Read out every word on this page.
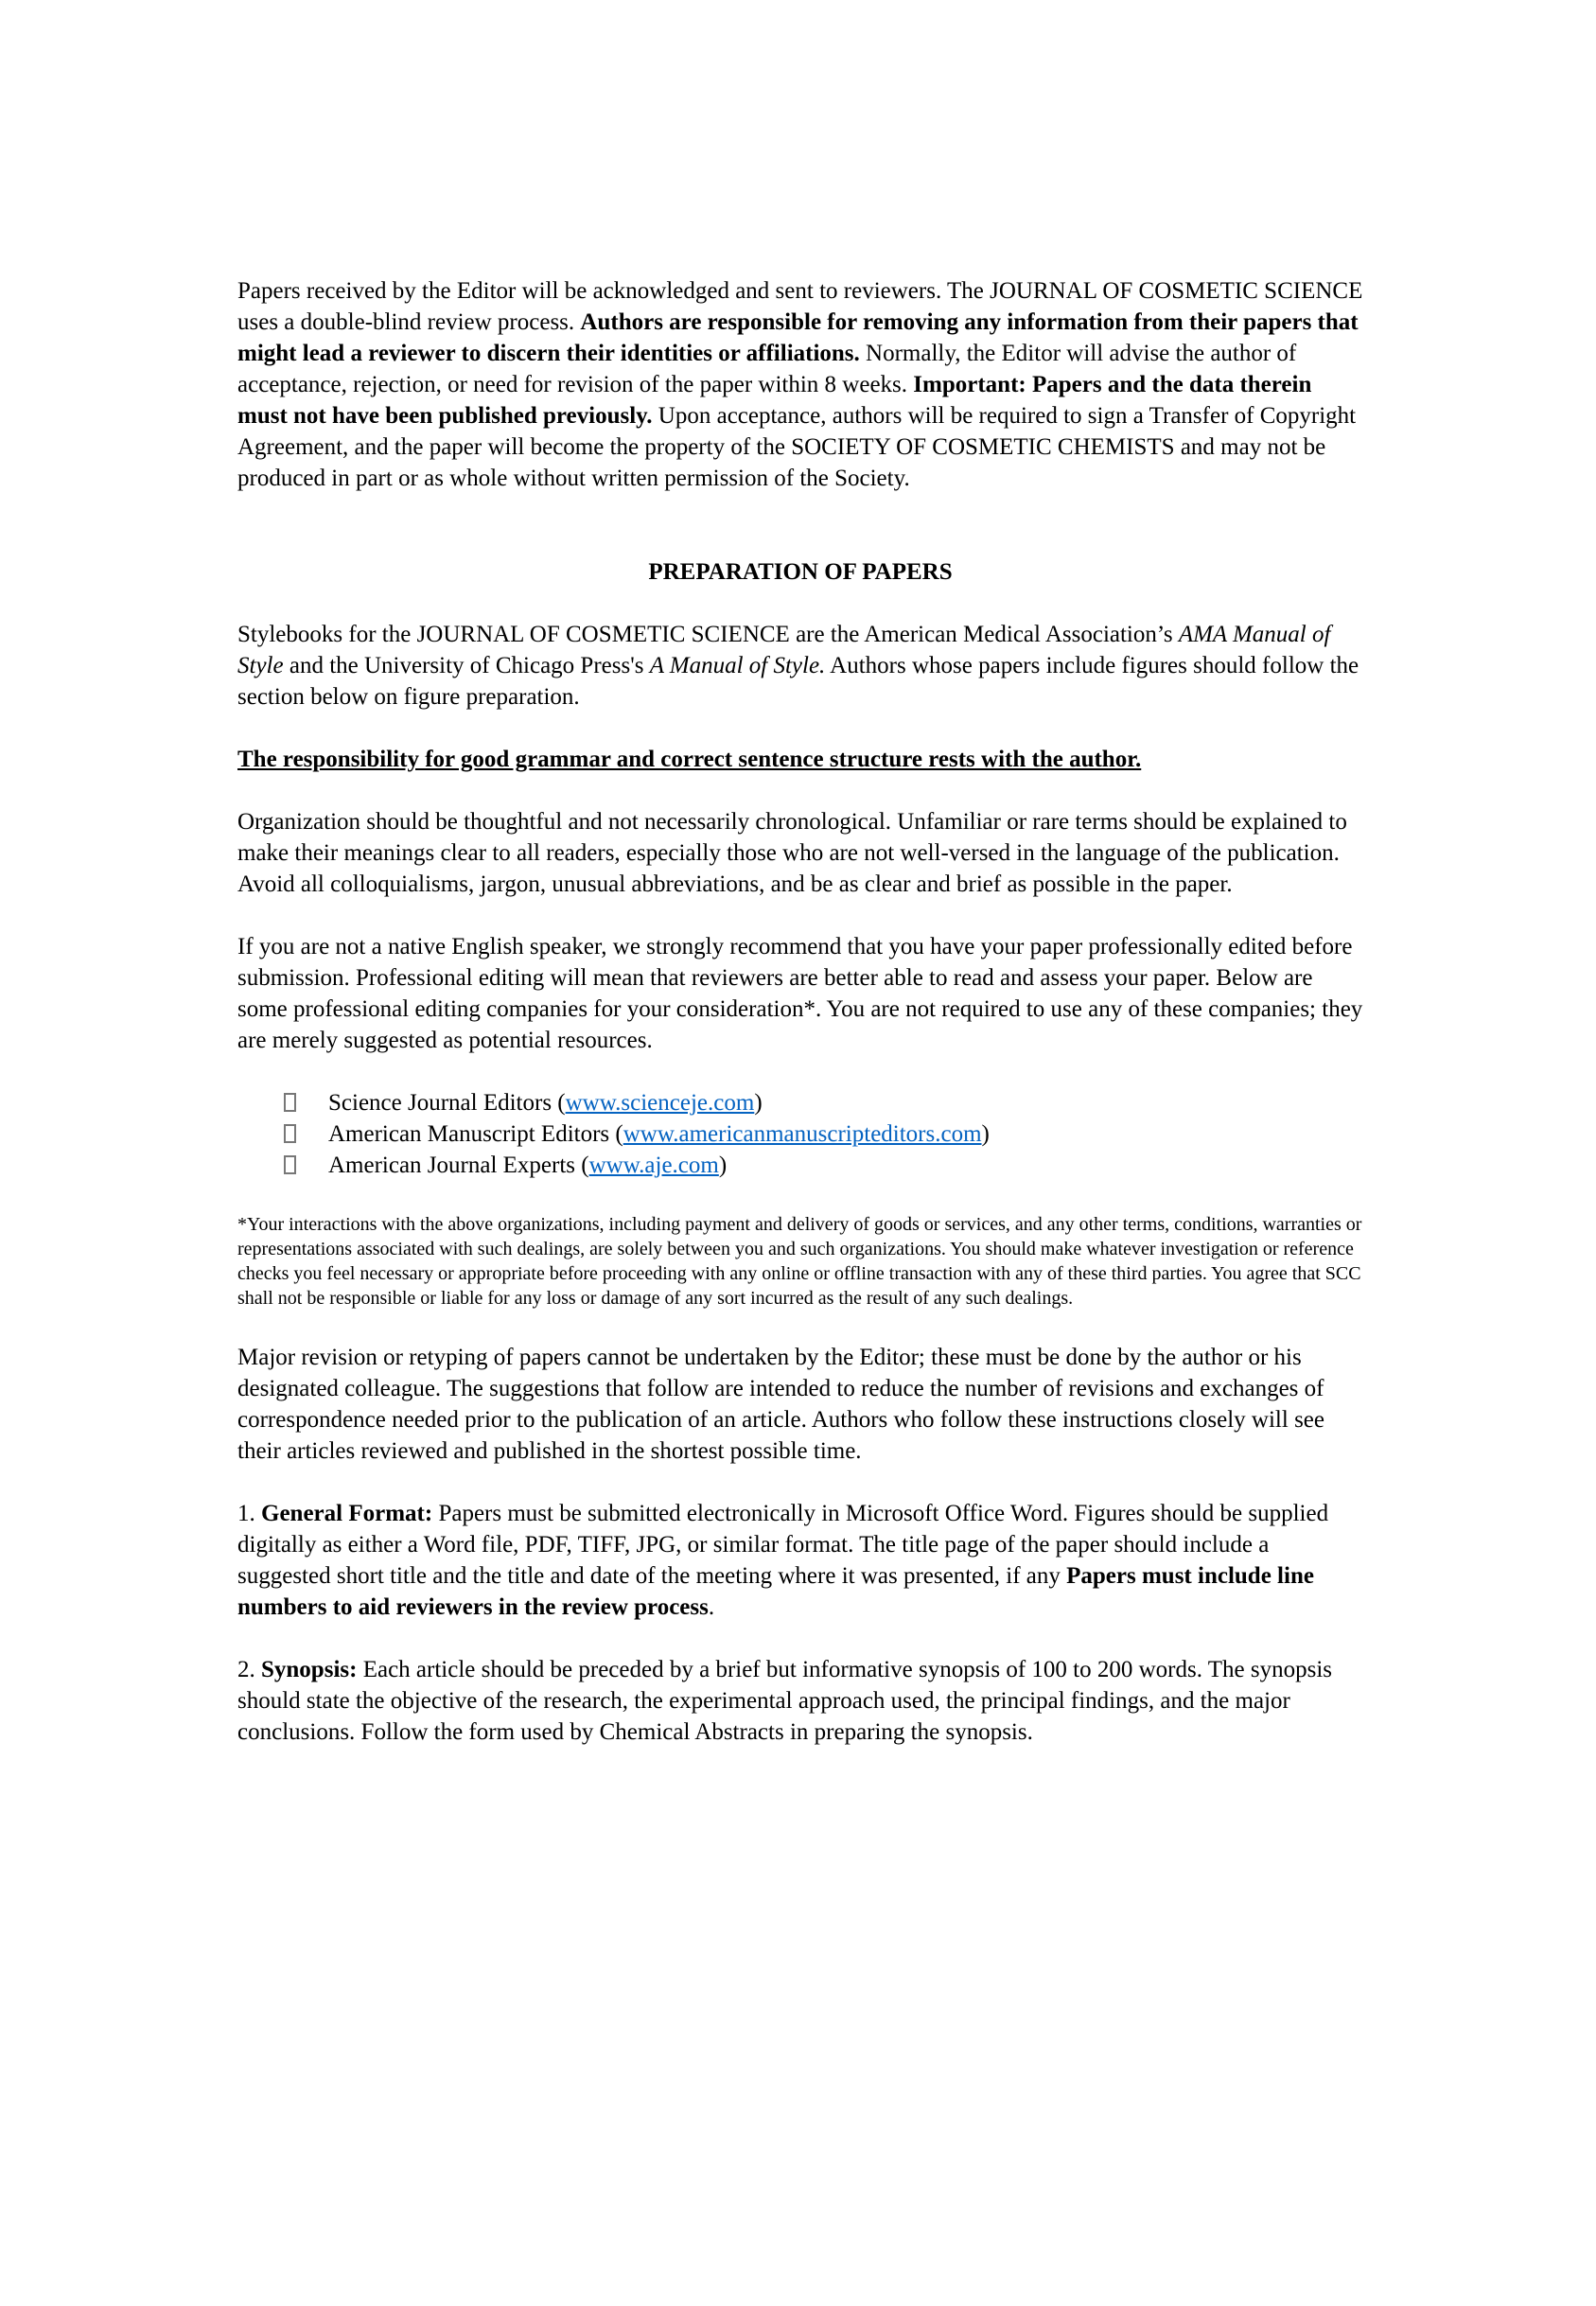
Papers received by the Editor will be acknowledged and sent to reviewers. The JOURNAL OF COSMETIC SCIENCE uses a double-blind review process. Authors are responsible for removing any information from their papers that might lead a reviewer to discern their identities or affiliations. Normally, the Editor will advise the author of acceptance, rejection, or need for revision of the paper within 8 weeks. Important: Papers and the data therein must not have been published previously. Upon acceptance, authors will be required to sign a Transfer of Copyright Agreement, and the paper will become the property of the SOCIETY OF COSMETIC CHEMISTS and may not be produced in part or as whole without written permission of the Society.

PREPARATION OF PAPERS

Stylebooks for the JOURNAL OF COSMETIC SCIENCE are the American Medical Association’s AMA Manual of Style and the University of Chicago Press's A Manual of Style. Authors whose papers include figures should follow the section below on figure preparation.

The responsibility for good grammar and correct sentence structure rests with the author.

Organization should be thoughtful and not necessarily chronological. Unfamiliar or rare terms should be explained to make their meanings clear to all readers, especially those who are not well-versed in the language of the publication. Avoid all colloquialisms, jargon, unusual abbreviations, and be as clear and brief as possible in the paper.

If you are not a native English speaker, we strongly recommend that you have your paper professionally edited before submission. Professional editing will mean that reviewers are better able to read and assess your paper. Below are some professional editing companies for your consideration*. You are not required to use any of these companies; they are merely suggested as potential resources.

Science Journal Editors (www.scienceje.com)
American Manuscript Editors (www.americanmanuscripteditors.com)
American Journal Experts (www.aje.com)

*Your interactions with the above organizations, including payment and delivery of goods or services, and any other terms, conditions, warranties or representations associated with such dealings, are solely between you and such organizations. You should make whatever investigation or reference checks you feel necessary or appropriate before proceeding with any online or offline transaction with any of these third parties. You agree that SCC shall not be responsible or liable for any loss or damage of any sort incurred as the result of any such dealings.

Major revision or retyping of papers cannot be undertaken by the Editor; these must be done by the author or his designated colleague. The suggestions that follow are intended to reduce the number of revisions and exchanges of correspondence needed prior to the publication of an article. Authors who follow these instructions closely will see their articles reviewed and published in the shortest possible time.

1. General Format: Papers must be submitted electronically in Microsoft Office Word. Figures should be supplied digitally as either a Word file, PDF, TIFF, JPG, or similar format. The title page of the paper should include a suggested short title and the title and date of the meeting where it was presented, if any Papers must include line numbers to aid reviewers in the review process.

2. Synopsis: Each article should be preceded by a brief but informative synopsis of 100 to 200 words. The synopsis should state the objective of the research, the experimental approach used, the principal findings, and the major conclusions. Follow the form used by Chemical Abstracts in preparing the synopsis.
